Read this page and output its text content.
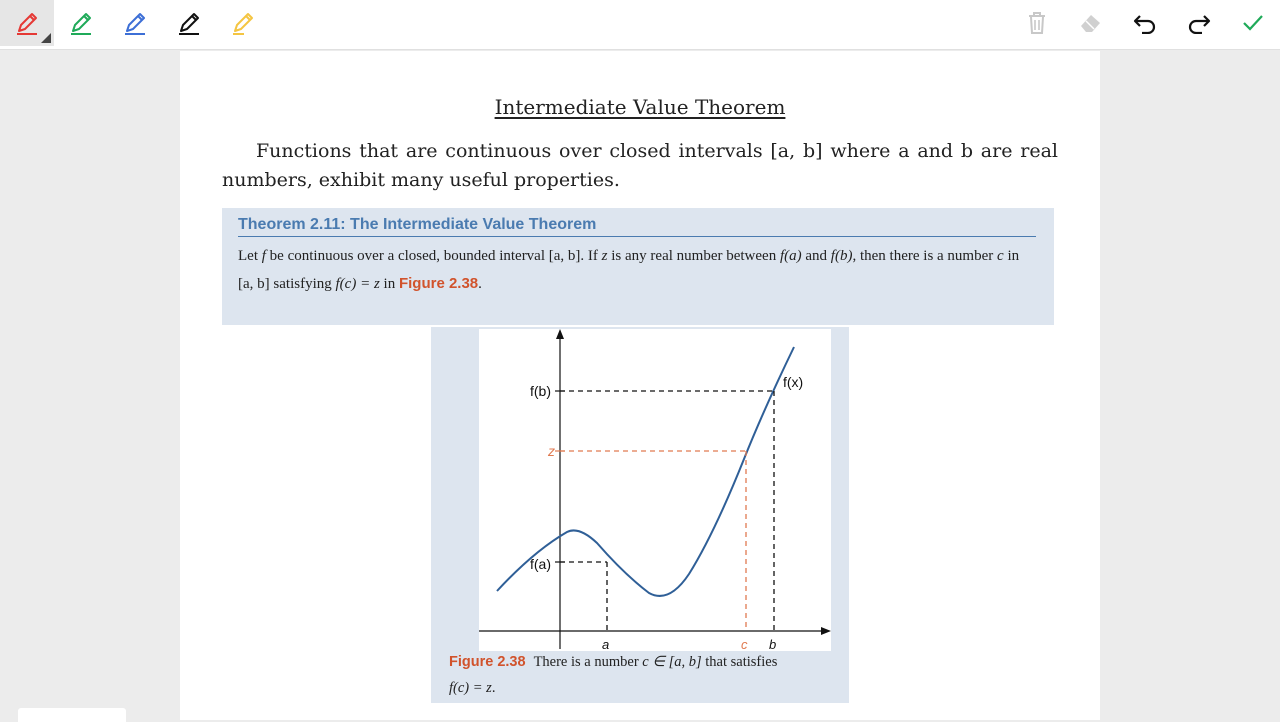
Intermediate Value Theorem
Functions that are continuous over closed intervals [a, b] where a and b are real numbers, exhibit many useful properties.
Theorem 2.11: The Intermediate Value Theorem
Let f be continuous over a closed, bounded interval [a, b]. If z is any real number between f(a) and f(b), then there is a number c in [a, b] satisfying f(c) = z in Figure 2.38.
f(b)
z
f(a)
f(x)
a	c b
Figure 2.38 There is a number c ∈ [a, b] that satisfies
f(c) = z.
